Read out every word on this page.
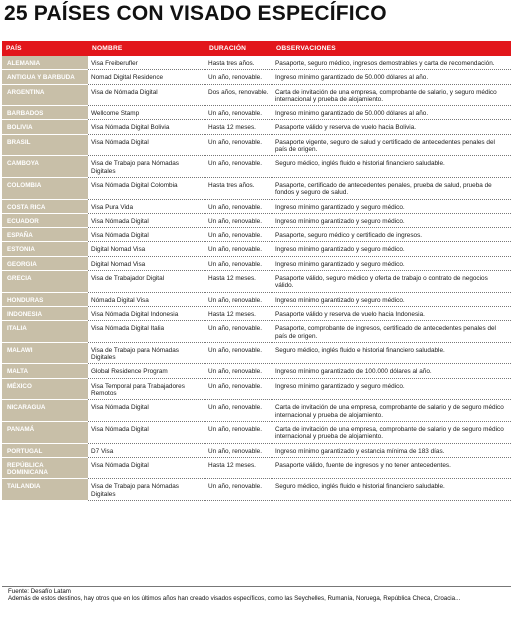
25 PAÍSES CON VISADO ESPECÍFICO
PAÍS	NOMBRE	DURACIÓN	OBSERVACIONES
ALEMANIA	Visa Freiberufler	Hasta tres años.	Pasaporte, seguro médico, ingresos demostrables y carta de recomendación.
ANTIGUA Y BARBUDA	Nomad Digital Residence	Un año, renovable.	Ingreso mínimo garantizado de 50.000 dólares al año.
ARGENTINA	Visa de Nómada Digital	Dos años, renovable.	Carta de invitación de una empresa, comprobante de salario, y seguro médico internacional y prueba de alojamiento.
BARBADOS	Wellcome Stamp	Un año, renovable.	Ingreso mínimo garantizado de 50.000 dólares al año.
BOLIVIA	Visa Nómada Digital Bolivia	Hasta 12 meses.	Pasaporte válido y reserva de vuelo hacia Bolivia.
BRASIL	Visa Nómada Digital	Un año, renovable.	Pasaporte vigente, seguro de salud y certificado de antecedentes penales del país de origen.
CAMBOYA	Visa de Trabajo para Nómadas Digitales	Un año, renovable.	Seguro médico, inglés fluido e historial financiero saludable.
COLOMBIA	Visa Nómada Digital Colombia	Hasta tres años.	Pasaporte, certificado de antecedentes penales, prueba de salud, prueba de fondos y seguro de salud.
COSTA RICA	Visa Pura Vida	Un año, renovable.	Ingreso mínimo garantizado y seguro médico.
ECUADOR	Visa Nómada Digital	Un año, renovable.	Ingreso mínimo garantizado y seguro médico.
ESPAÑA	Visa Nómada Digital	Un año, renovable.	Pasaporte, seguro médico y certificado de ingresos.
ESTONIA	Digital Nomad Visa	Un año, renovable.	Ingreso mínimo garantizado y seguro médico.
GEORGIA	Digital Nomad Visa	Un año, renovable.	Ingreso mínimo garantizado y seguro médico.
GRECIA	Visa de Trabajador Digital	Hasta 12 meses.	Pasaporte válido, seguro médico y oferta de trabajo o contrato de negocios válido.
HONDURAS	Nómada Digital Visa	Un año, renovable.	Ingreso mínimo garantizado y seguro médico.
INDONESIA	Visa Nómada Digital Indonesia	Hasta 12 meses.	Pasaporte válido y reserva de vuelo hacia Indonesia.
ITALIA	Visa Nómada Digital Italia	Un año, renovable.	Pasaporte, comprobante de ingresos, certificado de antecedentes penales del país de origen.
MALAWI	Visa de Trabajo para Nómadas Digitales	Un año, renovable.	Seguro médico, inglés fluido e historial financiero saludable.
MALTA	Global Residence Program	Un año, renovable.	Ingreso mínimo garantizado de 100.000 dólares al año.
MÉXICO	Visa Temporal para Trabajadores Remotos	Un año, renovable.	Ingreso mínimo garantizado y seguro médico.
NICARAGUA	Visa Nómada Digital	Un año, renovable.	Carta de invitación de una empresa, comprobante de salario y de seguro médico internacional y prueba de alojamiento.
PANAMÁ	Visa Nómada Digital	Un año, renovable.	Carta de invitación de una empresa, comprobante de salario y de seguro médico internacional y prueba de alojamiento.
PORTUGAL	D7 Visa	Un año, renovable.	Ingreso mínimo garantizado y estancia mínima de 183 días.
REPÚBLICA DOMINICANA	Visa Nómada Digital	Hasta 12 meses.	Pasaporte válido, fuente de ingresos y no tener antecedentes.
TAILANDIA	Visa de Trabajo para Nómadas Digitales	Un año, renovable.	Seguro médico, inglés fluido e historial financiero saludable.
Fuente: Desafío Latam
Además de estos destinos, hay otros que en los últimos años han creado visados específicos, como las Seychelles, Rumanía, Noruega, República Checa, Croacia...
